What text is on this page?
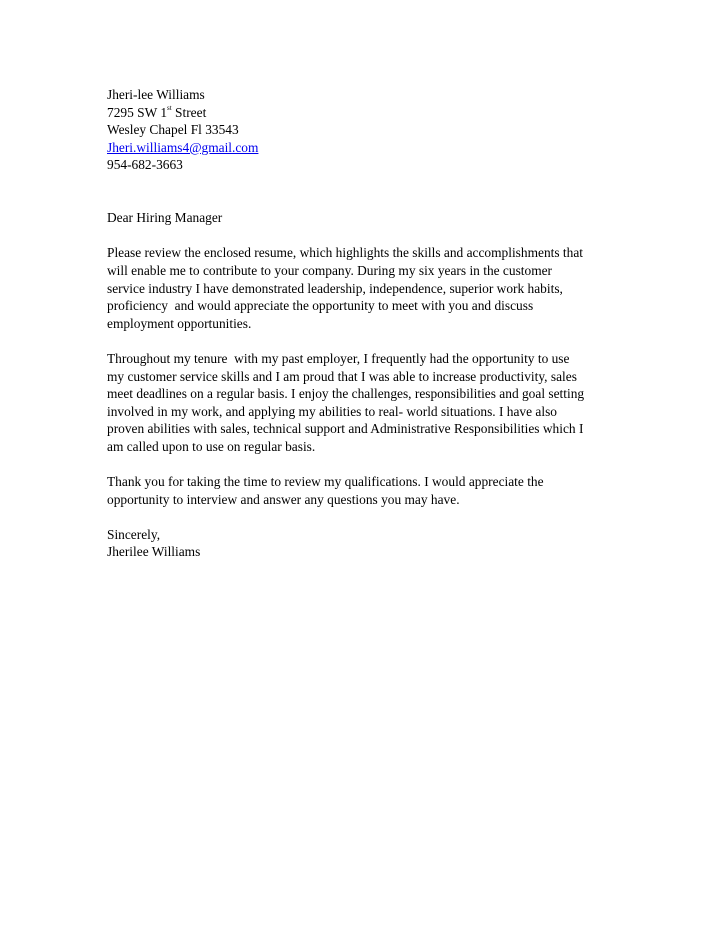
Jheri-lee Williams
7295 SW 1st Street
Wesley Chapel Fl 33543
Jheri.williams4@gmail.com
954-682-3663
Dear Hiring Manager
Please review the enclosed resume, which highlights the skills and accomplishments that
will enable me to contribute to your company. During my six years in the customer
service industry I have demonstrated leadership, independence, superior work habits,
proficiency  and would appreciate the opportunity to meet with you and discuss
employment opportunities.
Throughout my tenure  with my past employer, I frequently had the opportunity to use
my customer service skills and I am proud that I was able to increase productivity, sales
meet deadlines on a regular basis. I enjoy the challenges, responsibilities and goal setting
involved in my work, and applying my abilities to real- world situations. I have also
proven abilities with sales, technical support and Administrative Responsibilities which I
am called upon to use on regular basis.
Thank you for taking the time to review my qualifications. I would appreciate the
opportunity to interview and answer any questions you may have.
Sincerely,
Jherilee Williams
